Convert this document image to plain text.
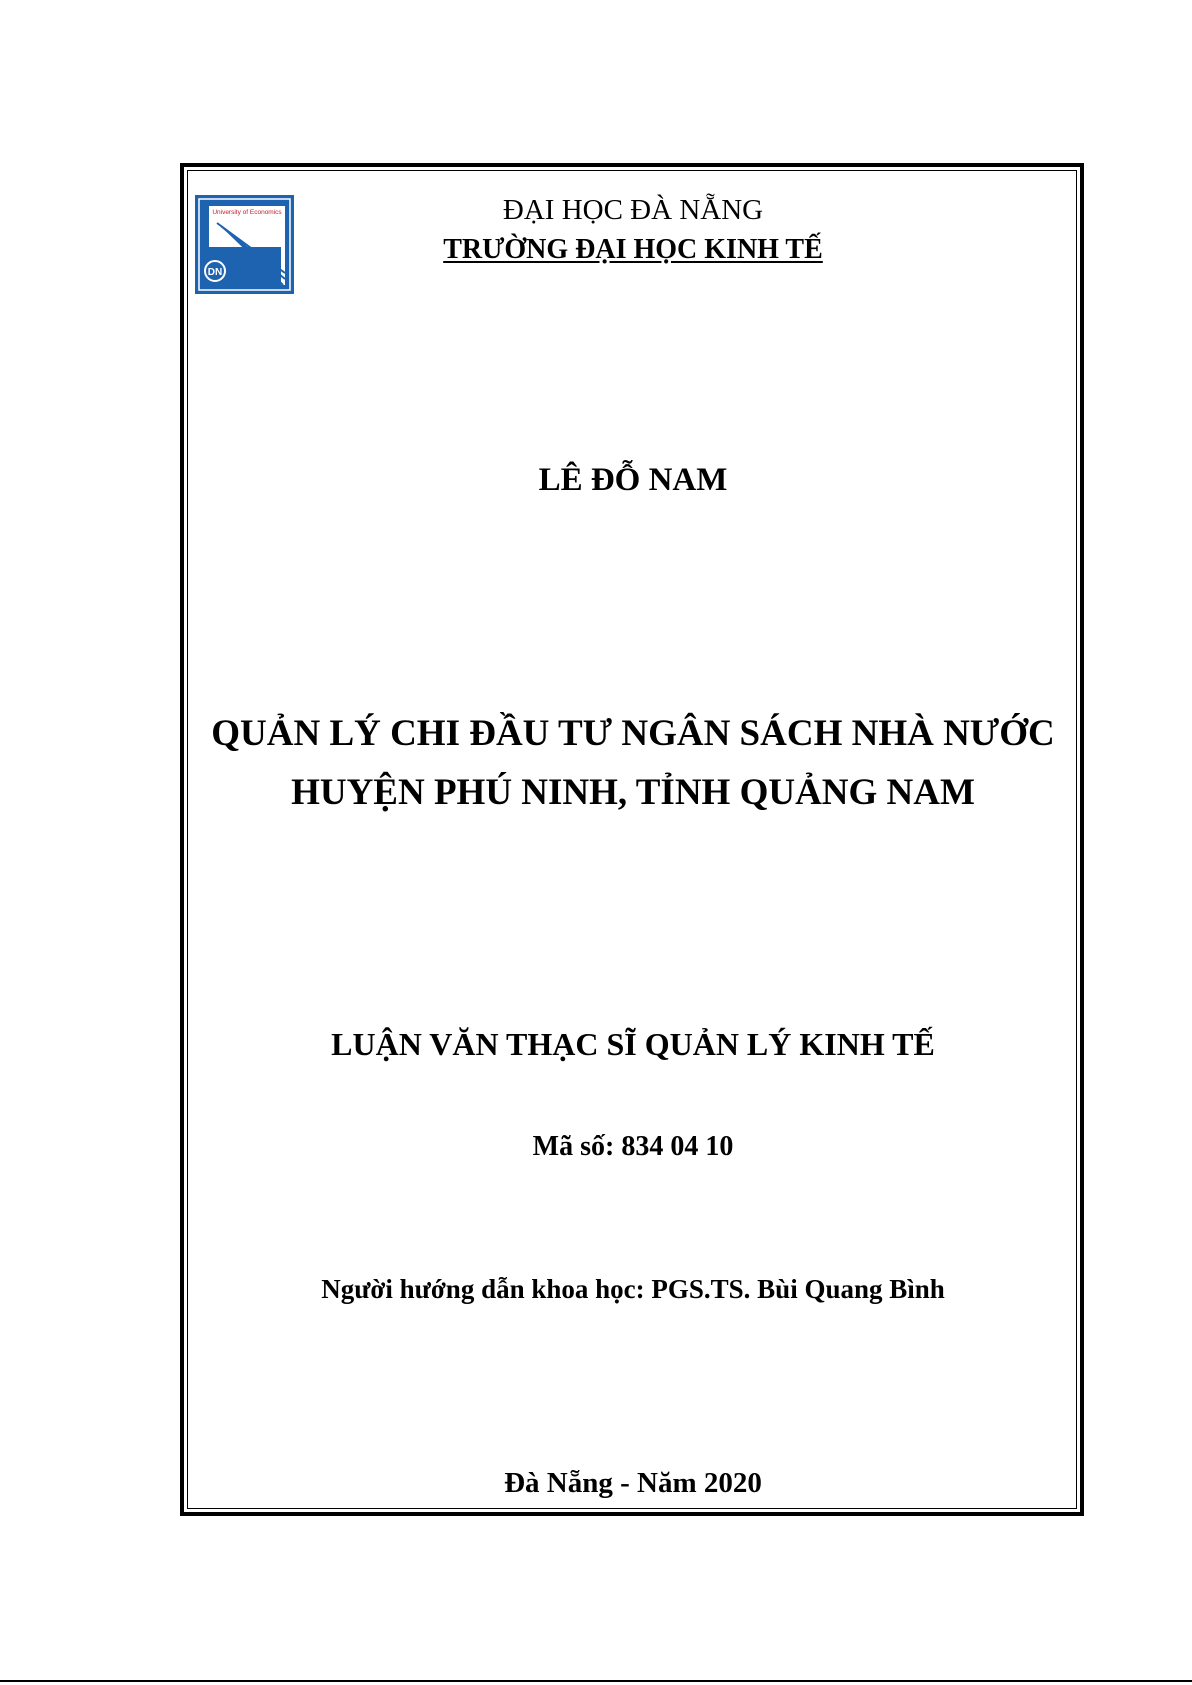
University of Economics
DN
ĐẠI HỌC ĐÀ NẴNG
TRƯỜNG ĐẠI HỌC KINH TẾ
LÊ ĐỖ NAM
QUẢN LÝ CHI ĐẦU TƯ NGÂN SÁCH NHÀ NƯỚC
HUYỆN PHÚ NINH, TỈNH QUẢNG NAM
LUẬN VĂN THẠC SĨ QUẢN LÝ KINH TẾ
Mã số: 834 04 10
Người hướng dẫn khoa học: PGS.TS. Bùi Quang Bình
Đà Nẵng - Năm 2020
